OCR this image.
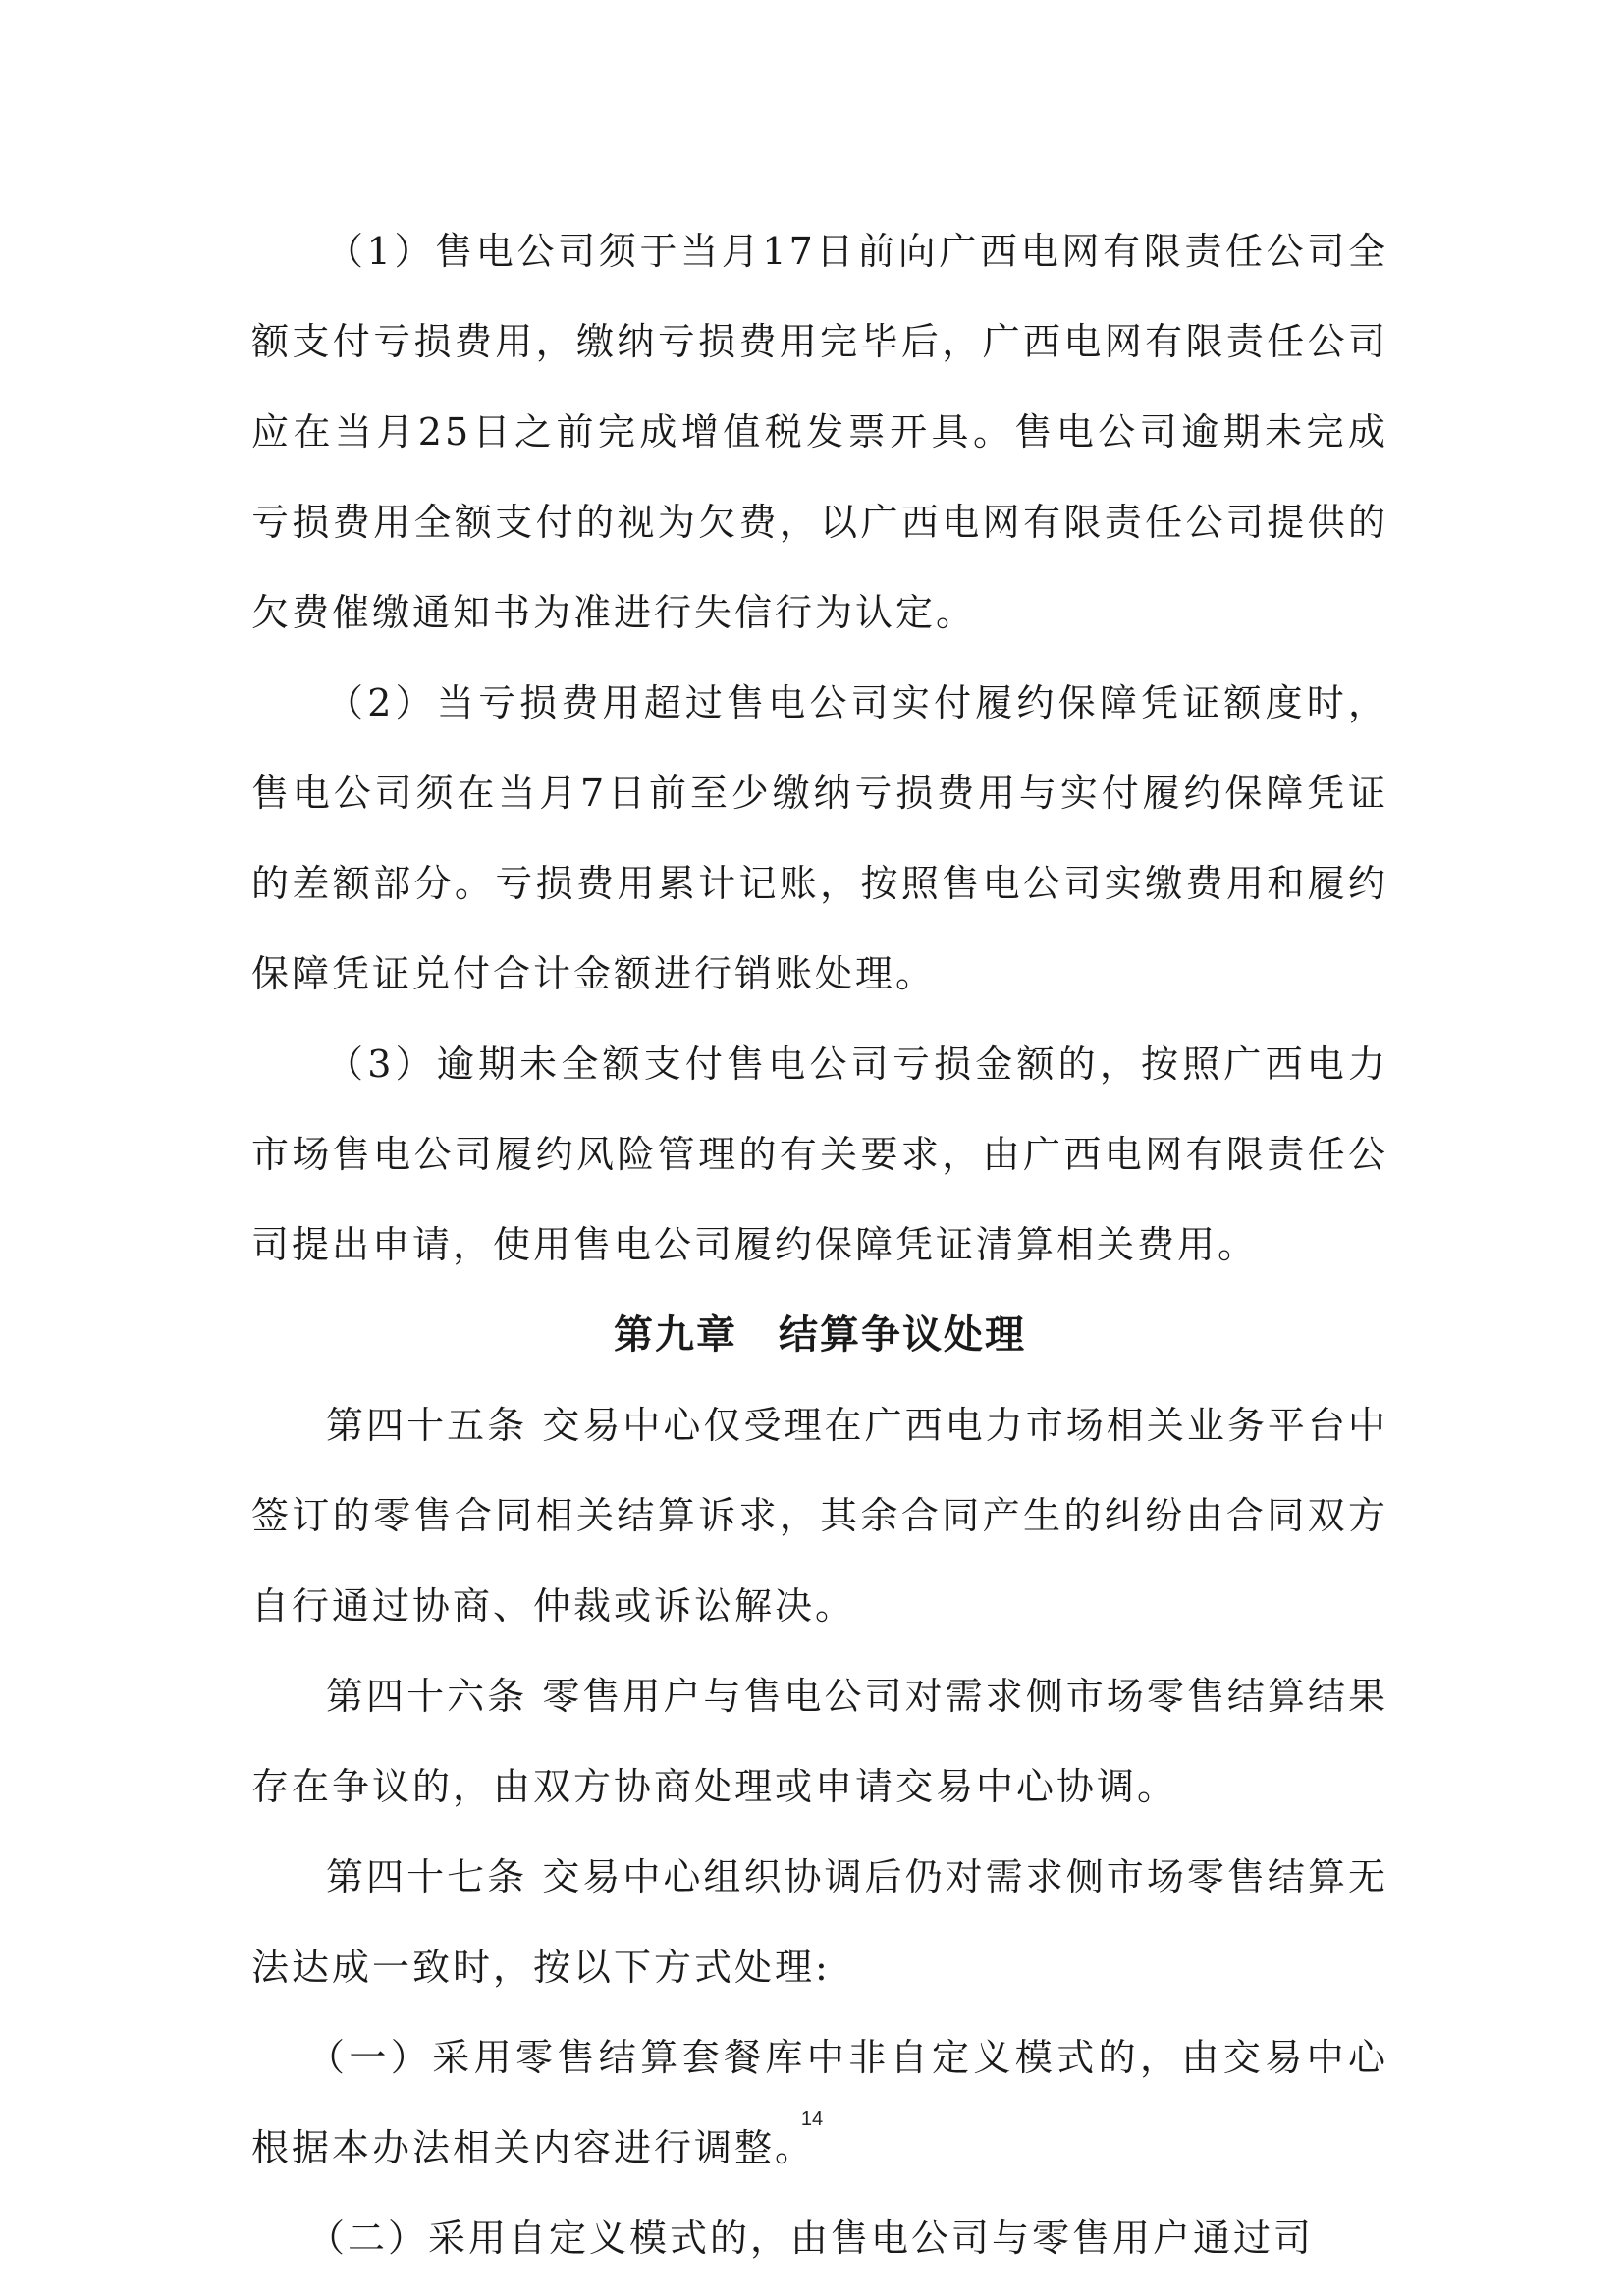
（1）售电公司须于当月17日前向广西电网有限责任公司全额支付亏损费用，缴纳亏损费用完毕后，广西电网有限责任公司应在当月25日之前完成增值税发票开具。售电公司逾期未完成亏损费用全额支付的视为欠费，以广西电网有限责任公司提供的欠费催缴通知书为准进行失信行为认定。

（2）当亏损费用超过售电公司实付履约保障凭证额度时，售电公司须在当月7日前至少缴纳亏损费用与实付履约保障凭证的差额部分。亏损费用累计记账，按照售电公司实缴费用和履约保障凭证兑付合计金额进行销账处理。

（3）逾期未全额支付售电公司亏损金额的，按照广西电力市场售电公司履约风险管理的有关要求，由广西电网有限责任公司提出申请，使用售电公司履约保障凭证清算相关费用。

第九章　结算争议处理

第四十五条 交易中心仅受理在广西电力市场相关业务平台中签订的零售合同相关结算诉求，其余合同产生的纠纷由合同双方自行通过协商、仲裁或诉讼解决。

第四十六条 零售用户与售电公司对需求侧市场零售结算结果存在争议的，由双方协商处理或申请交易中心协调。

第四十七条 交易中心组织协调后仍对需求侧市场零售结算无法达成一致时，按以下方式处理:

（一）采用零售结算套餐库中非自定义模式的，由交易中心根据本办法相关内容进行调整。

（二）采用自定义模式的，由售电公司与零售用户通过司

14
